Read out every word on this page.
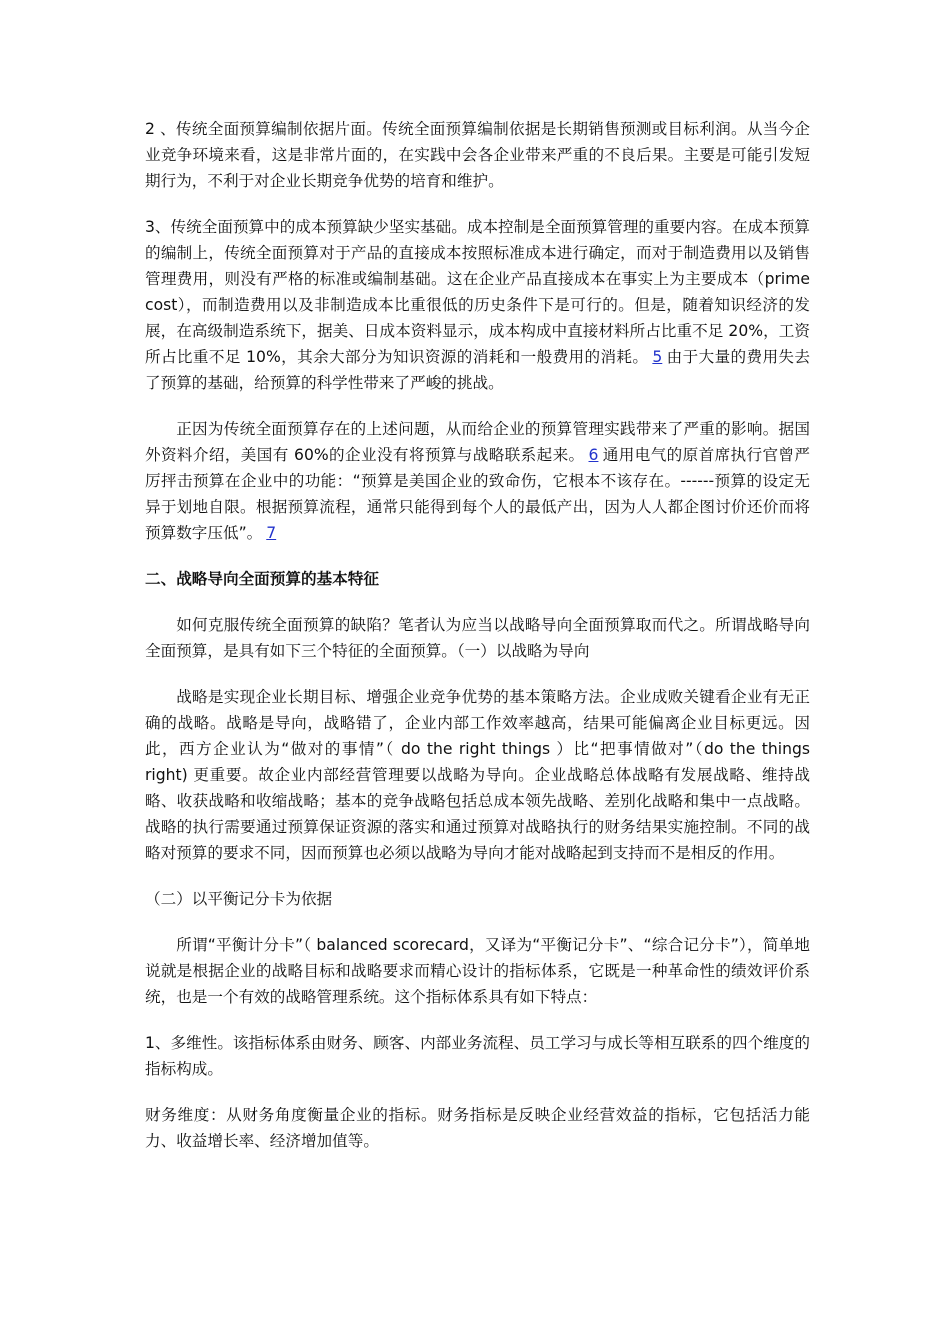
2 、传统全面预算编制依据片面。传统全面预算编制依据是长期销售预测或目标利润。从当今企业竞争环境来看，这是非常片面的，在实践中会各企业带来严重的不良后果。主要是可能引发短期行为，不利于对企业长期竞争优势的培育和维护。

3、传统全面预算中的成本预算缺少坚实基础。成本控制是全面预算管理的重要内容。在成本预算的编制上，传统全面预算对于产品的直接成本按照标准成本进行确定，而对于制造费用以及销售管理费用，则没有严格的标准或编制基础。这在企业产品直接成本在事实上为主要成本（prime cost），而制造费用以及非制造成本比重很低的历史条件下是可行的。但是，随着知识经济的发展，在高级制造系统下，据美、日成本资料显示，成本构成中直接材料所占比重不足 20%，工资所占比重不足 10%，其余大部分为知识资源的消耗和一般费用的消耗。 5 由于大量的费用失去了预算的基础，给预算的科学性带来了严峻的挑战。

正因为传统全面预算存在的上述问题，从而给企业的预算管理实践带来了严重的影响。据国外资料介绍，美国有 60%的企业没有将预算与战略联系起来。 6 通用电气的原首席执行官曾严厉抨击预算在企业中的功能：“预算是美国企业的致命伤，它根本不该存在。------预算的设定无异于划地自限。根据预算流程，通常只能得到每个人的最低产出，因为人人都企图讨价还价而将预算数字压低”。 7

二、战略导向全面预算的基本特征

如何克服传统全面预算的缺陷？笔者认为应当以战略导向全面预算取而代之。所谓战略导向全面预算，是具有如下三个特征的全面预算。（一）以战略为导向

战略是实现企业长期目标、增强企业竞争优势的基本策略方法。企业成败关键看企业有无正确的战略。战略是导向，战略错了，企业内部工作效率越高，结果可能偏离企业目标更远。因此，西方企业认为“做对的事情”（ do the right things ）比“把事情做对”（do the things right) 更重要。故企业内部经营管理要以战略为导向。企业战略总体战略有发展战略、维持战略、收获战略和收缩战略；基本的竞争战略包括总成本领先战略、差别化战略和集中一点战略。战略的执行需要通过预算保证资源的落实和通过预算对战略执行的财务结果实施控制。不同的战略对预算的要求不同，因而预算也必须以战略为导向才能对战略起到支持而不是相反的作用。

（二）以平衡记分卡为依据

所谓“平衡计分卡”（ balanced scorecard，又译为“平衡记分卡”、“综合记分卡”），简单地说就是根据企业的战略目标和战略要求而精心设计的指标体系，它既是一种革命性的绩效评价系统，也是一个有效的战略管理系统。这个指标体系具有如下特点：

1、多维性。该指标体系由财务、顾客、内部业务流程、员工学习与成长等相互联系的四个维度的指标构成。

财务维度：从财务角度衡量企业的指标。财务指标是反映企业经营效益的指标，它包括活力能力、收益增长率、经济增加值等。
